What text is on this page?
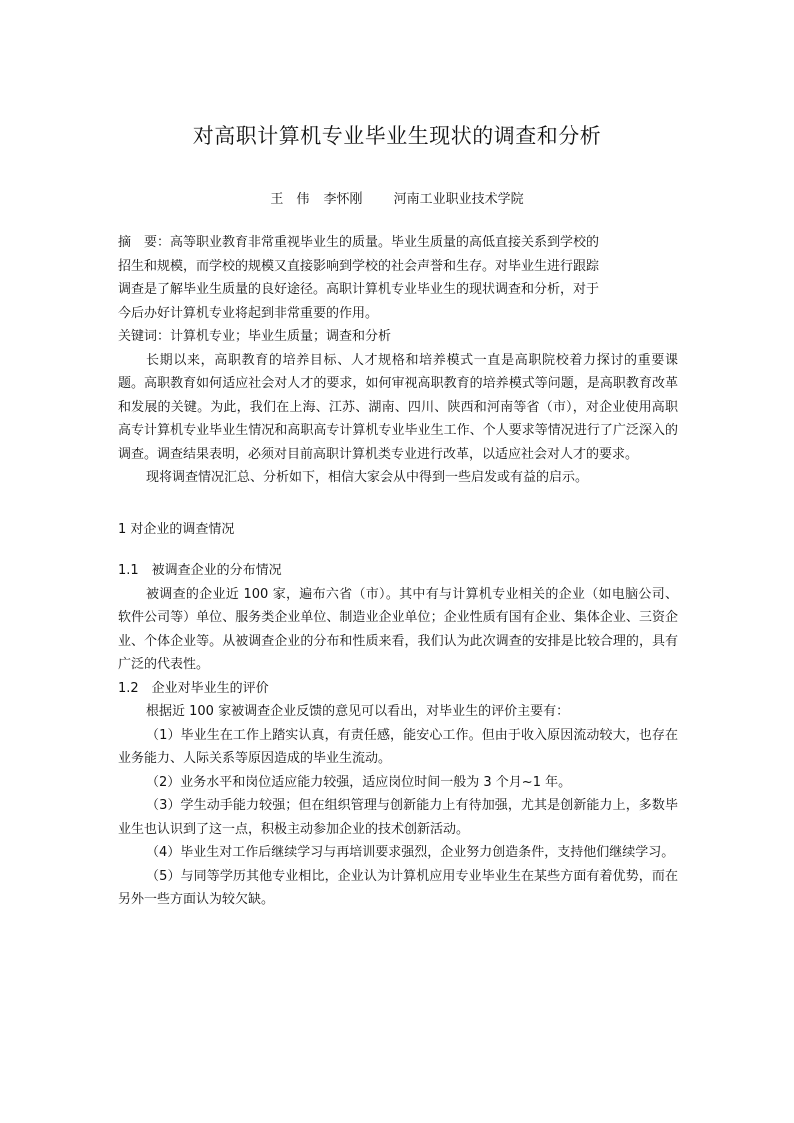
对高职计算机专业毕业生现状的调查和分析
王　伟 李怀刚 河南工业职业技术学院

摘　要：高等职业教育非常重视毕业生的质量。毕业生质量的高低直接关系到学校的

招生和规模，而学校的规模又直接影响到学校的社会声誉和生存。对毕业生进行跟踪

调查是了解毕业生质量的良好途径。高职计算机专业毕业生的现状调查和分析，对于

今后办好计算机专业将起到非常重要的作用。

关键词：计算机专业；毕业生质量；调查和分析

长期以来，高职教育的培养目标、人才规格和培养模式一直是高职院校着力探讨的重要课题。高职教育如何适应社会对人才的要求，如何审视高职教育的培养模式等问题，是高职教育改革和发展的关键。为此，我们在上海、江苏、湖南、四川、陕西和河南等省（市），对企业使用高职高专计算机专业毕业生情况和高职高专计算机专业毕业生工作、个人要求等情况进行了广泛深入的调查。调查结果表明，必须对目前高职计算机类专业进行改革，以适应社会对人才的要求。

现将调查情况汇总、分析如下，相信大家会从中得到一些启发或有益的启示。

1 对企业的调查情况

1.1　被调查企业的分布情况

被调查的企业近 100 家，遍布六省（市）。其中有与计算机专业相关的企业（如电脑公司、软件公司等）单位、服务类企业单位、制造业企业单位；企业性质有国有企业、集体企业、三资企业、个体企业等。从被调查企业的分布和性质来看，我们认为此次调查的安排是比较合理的，具有广泛的代表性。

1.2　企业对毕业生的评价

根据近 100 家被调查企业反馈的意见可以看出，对毕业生的评价主要有：

（1）毕业生在工作上踏实认真，有责任感，能安心工作。但由于收入原因流动较大，也存在业务能力、人际关系等原因造成的毕业生流动。

（2）业务水平和岗位适应能力较强，适应岗位时间一般为 3 个月~1 年。

（3）学生动手能力较强；但在组织管理与创新能力上有待加强，尤其是创新能力上，多数毕业生也认识到了这一点，积极主动参加企业的技术创新活动。

（4）毕业生对工作后继续学习与再培训要求强烈，企业努力创造条件，支持他们继续学习。

（5）与同等学历其他专业相比，企业认为计算机应用专业毕业生在某些方面有着优势，而在另外一些方面认为较欠缺。
